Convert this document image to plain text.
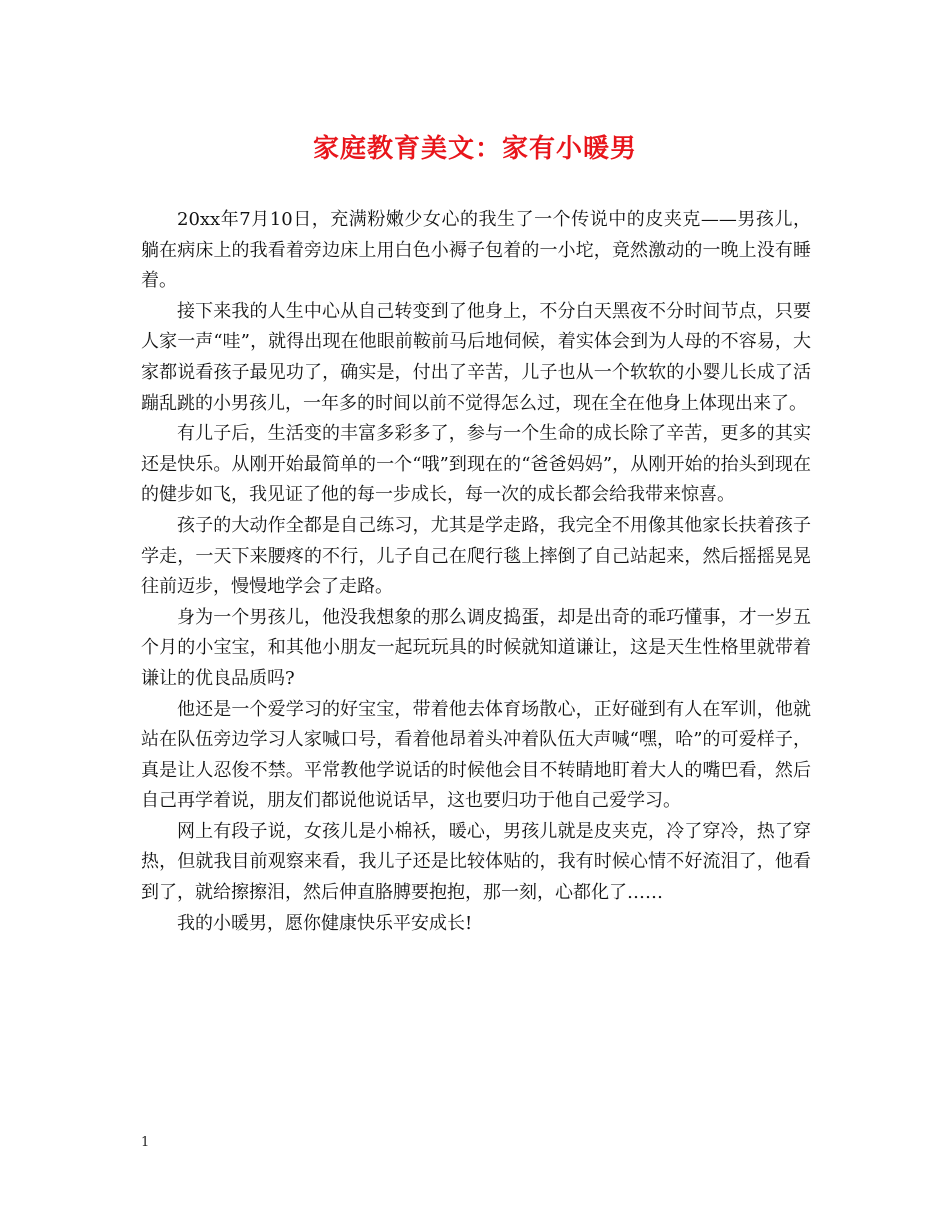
家庭教育美文：家有小暖男

20xx年7月10日，充满粉嫩少女心的我生了一个传说中的皮夹克——男孩儿，躺在病床上的我看着旁边床上用白色小褥子包着的一小坨，竟然激动的一晚上没有睡着。

接下来我的人生中心从自己转变到了他身上，不分白天黑夜不分时间节点，只要人家一声“哇”，就得出现在他眼前鞍前马后地伺候，着实体会到为人母的不容易，大家都说看孩子最见功了，确实是，付出了辛苦，儿子也从一个软软的小婴儿长成了活蹦乱跳的小男孩儿，一年多的时间以前不觉得怎么过，现在全在他身上体现出来了。

有儿子后，生活变的丰富多彩多了，参与一个生命的成长除了辛苦，更多的其实还是快乐。从刚开始最简单的一个“哦”到现在的“爸爸妈妈”，从刚开始的抬头到现在的健步如飞，我见证了他的每一步成长，每一次的成长都会给我带来惊喜。

孩子的大动作全都是自己练习，尤其是学走路，我完全不用像其他家长扶着孩子学走，一天下来腰疼的不行，儿子自己在爬行毯上摔倒了自己站起来，然后摇摇晃晃往前迈步，慢慢地学会了走路。

身为一个男孩儿，他没我想象的那么调皮捣蛋，却是出奇的乖巧懂事，才一岁五个月的小宝宝，和其他小朋友一起玩玩具的时候就知道谦让，这是天生性格里就带着谦让的优良品质吗?

他还是一个爱学习的好宝宝，带着他去体育场散心，正好碰到有人在军训，他就站在队伍旁边学习人家喊口号，看着他昂着头冲着队伍大声喊“嘿，哈”的可爱样子，真是让人忍俊不禁。平常教他学说话的时候他会目不转睛地盯着大人的嘴巴看，然后自己再学着说，朋友们都说他说话早，这也要归功于他自己爱学习。

网上有段子说，女孩儿是小棉袄，暖心，男孩儿就是皮夹克，冷了穿冷，热了穿热，但就我目前观察来看，我儿子还是比较体贴的，我有时候心情不好流泪了，他看到了，就给擦擦泪，然后伸直胳膊要抱抱，那一刻，心都化了……

我的小暖男，愿你健康快乐平安成长!

1
